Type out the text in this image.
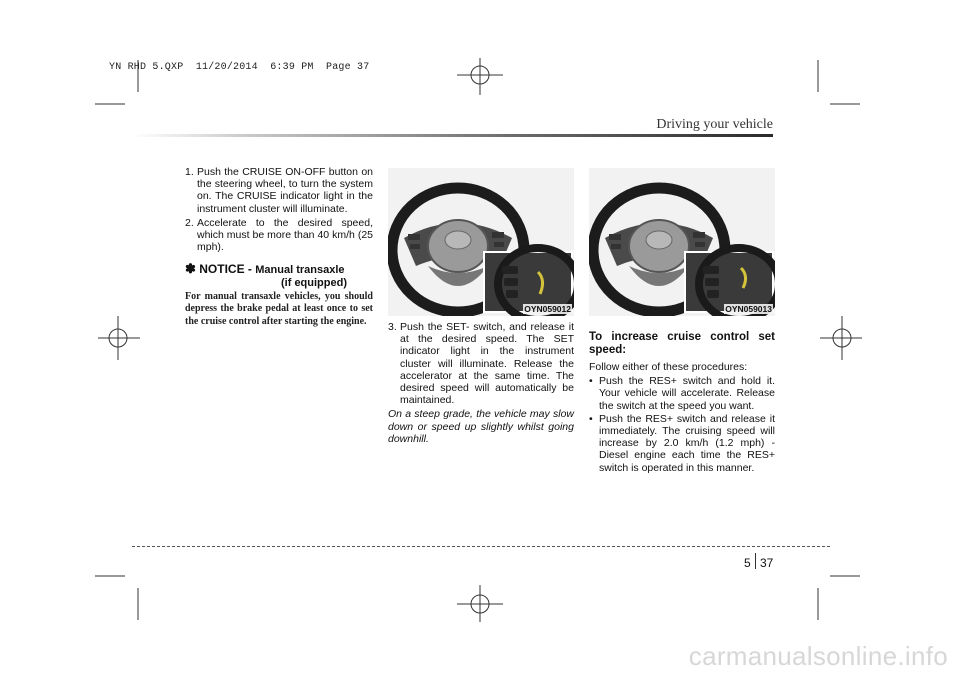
YN RHD 5.QXP  11/20/2014  6:39 PM  Page 37
Driving your vehicle
1. Push the CRUISE ON-OFF button on the steering wheel, to turn the system on. The CRUISE indicator light in the instrument cluster will illuminate.

2. Accelerate to the desired speed, which must be more than 40 km/h (25 mph).

✽ NOTICE - Manual transaxle
(if equipped)

For manual transaxle vehicles, you should depress the brake pedal at least once to set the cruise control after starting the engine.

OYN059012
3. Push the SET- switch, and release it at the desired speed. The SET indicator light in the instrument cluster will illuminate. Release the accelerator at the same time. The desired speed will automatically be maintained.

On a steep grade, the vehicle may slow down or speed up slightly whilst going downhill.

OYN059013
To increase cruise control set speed:

Follow either of these procedures:

• Push the RES+ switch and hold it. Your vehicle will accelerate. Release the switch at the speed you want.

• Push the RES+ switch and release it immediately. The cruising speed will increase by 2.0 km/h (1.2 mph) - Diesel engine each time the RES+ switch is operated in this manner.

5 37
carmanualsonline.info
